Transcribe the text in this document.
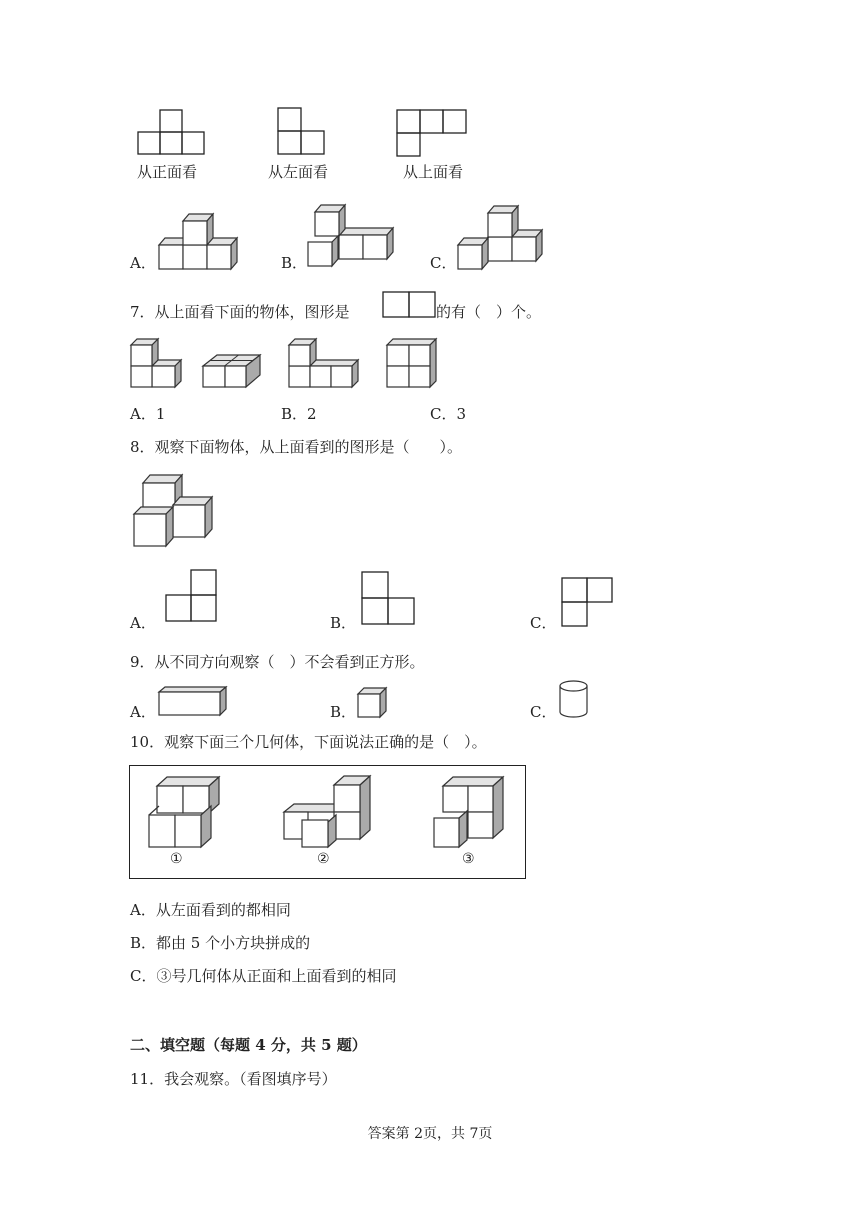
从正面看	从左面看	从上面看
A．	B．	C．
7．从上面看下面的物体，图形是	的有（　）个。
A．1	B．2	C．3
8．观察下面物体，从上面看到的图形是（　　）。
A．	B．	C．
9．从不同方向观察（　）不会看到正方形。
A．	B．	C．
10．观察下面三个几何体，下面说法正确的是（　）。
①	②	③
A．从左面看到的都相同
B．都由 5 个小方块拼成的
C．③号几何体从正面和上面看到的相同
二、填空题（每题 4 分，共 5 题）
11．我会观察。（看图填序号）
答案第 2页，共 7页
